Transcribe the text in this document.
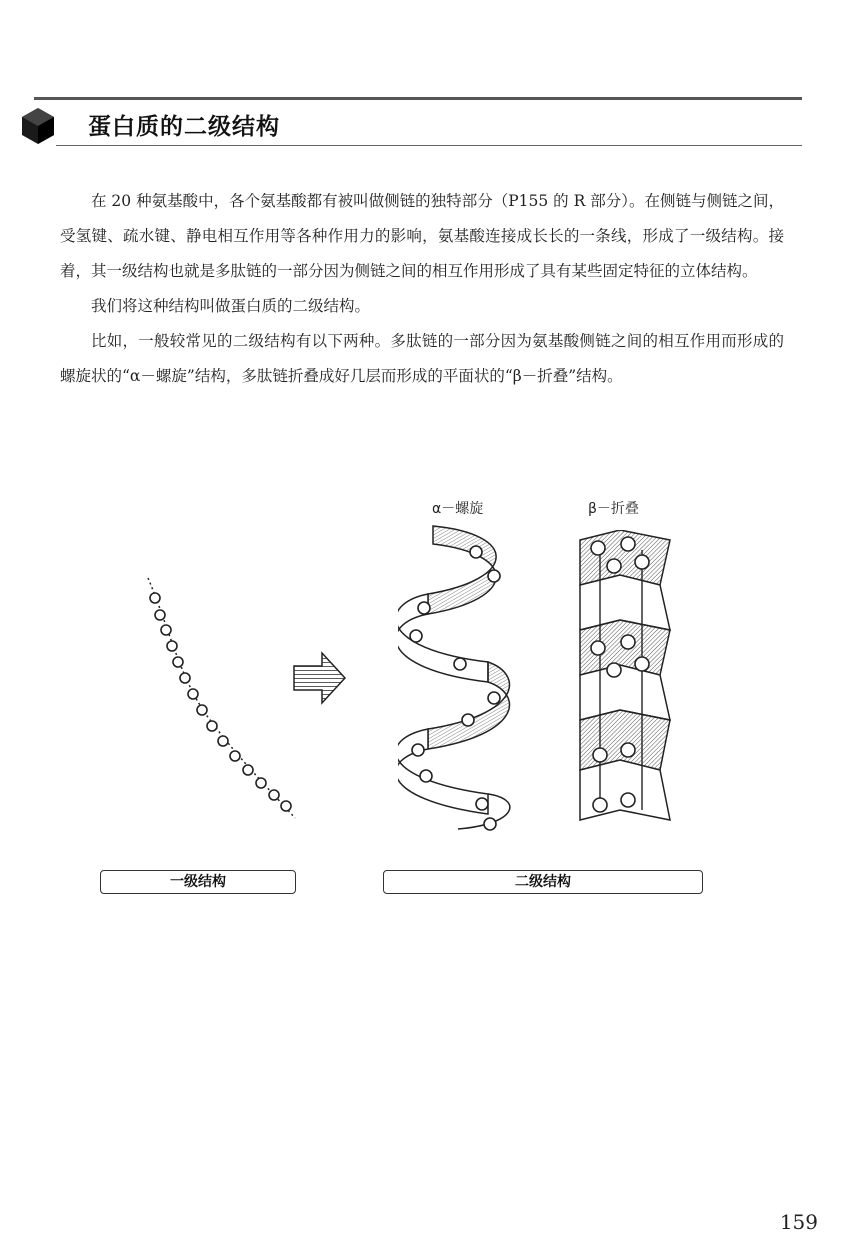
蛋白质的二级结构

在 20 种氨基酸中，各个氨基酸都有被叫做侧链的独特部分（P155 的 R 部分）。在侧链与侧链之间，受氢键、疏水键、静电相互作用等各种作用力的影响，氨基酸连接成长长的一条线，形成了一级结构。接着，其一级结构也就是多肽链的一部分因为侧链之间的相互作用形成了具有某些固定特征的立体结构。

我们将这种结构叫做蛋白质的二级结构。

比如，一般较常见的二级结构有以下两种。多肽链的一部分因为氨基酸侧链之间的相互作用而形成的螺旋状的“α－螺旋”结构，多肽链折叠成好几层而形成的平面状的“β－折叠”结构。

α－螺旋	β－折叠
一级结构	二级结构
159
